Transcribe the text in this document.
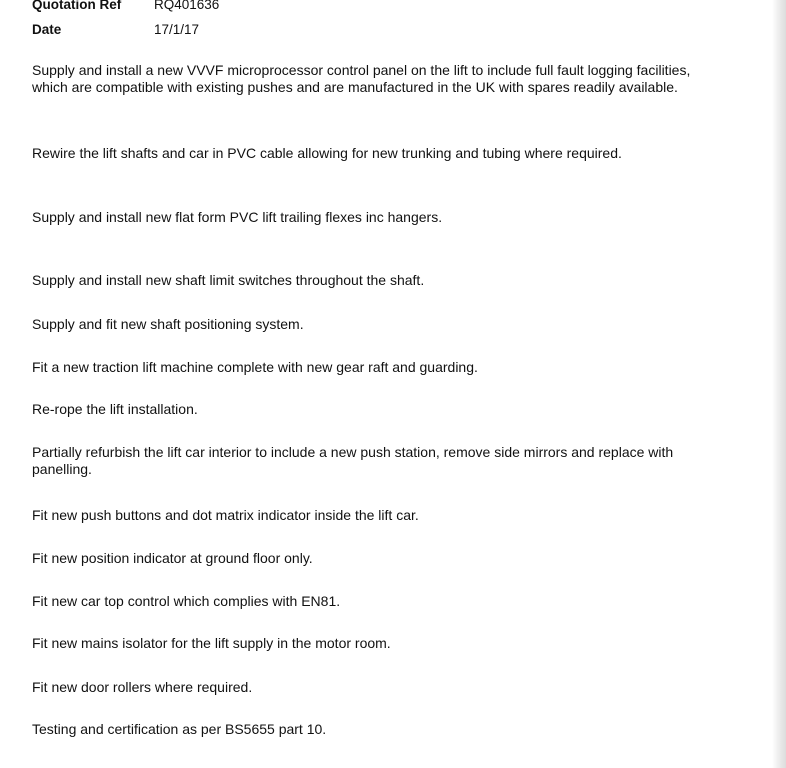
Quotation Ref RQ401636
Date	17/1/17

Supply and install a new VVVF microprocessor control panel on the lift to include full fault logging facilities, which are compatible with existing pushes and are manufactured in the UK with spares readily available.

Rewire the lift shafts and car in PVC cable allowing for new trunking and tubing where required.

Supply and install new flat form PVC lift trailing flexes inc hangers.

Supply and install new shaft limit switches throughout the shaft.

Supply and fit new shaft positioning system.

Fit a new traction lift machine complete with new gear raft and guarding.

Re-rope the lift installation.

Partially refurbish the lift car interior to include a new push station, remove side mirrors and replace with panelling.

Fit new push buttons and dot matrix indicator inside the lift car.

Fit new position indicator at ground floor only.

Fit new car top control which complies with EN81.

Fit new mains isolator for the lift supply in the motor room.

Fit new door rollers where required.

Testing and certification as per BS5655 part 10.
